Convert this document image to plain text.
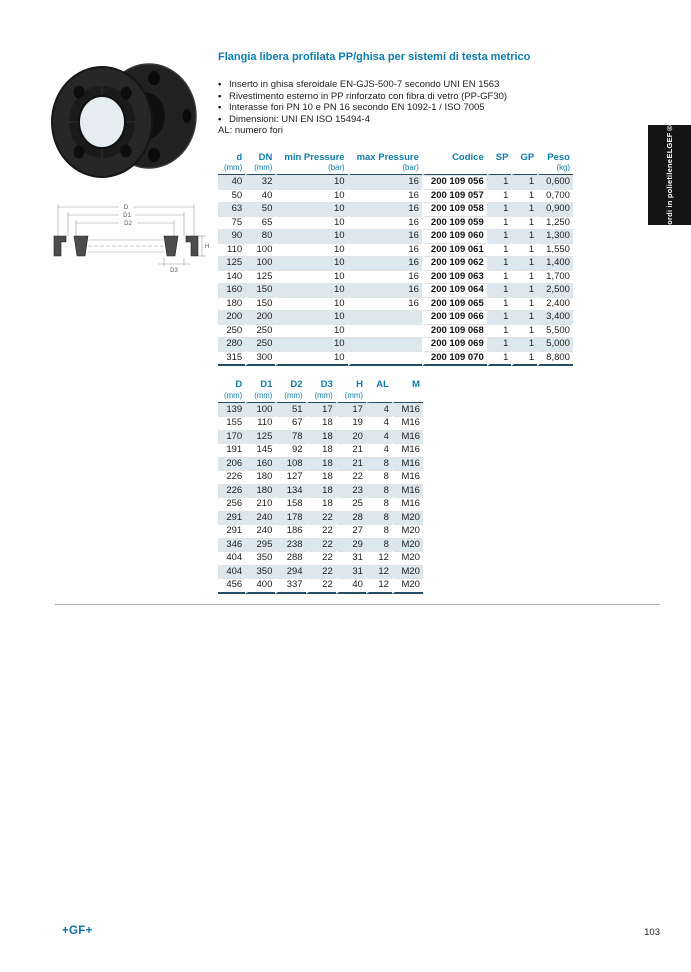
D
D1
D2
H
D3
Raccordi in polietilene
ELGEF®Plus
Flangia libera profilata PP/ghisa per sistemi di testa metrico
• Inserto in ghisa sferoidale EN-GJS-500-7 secondo UNI EN 1563
• Rivestimento esterno in PP rinforzato con fibra di vetro (PP-GF30)
• Interasse fori PN 10 e PN 16 secondo EN 1092-1 / ISO 7005
• Dimensioni: UNI EN ISO 15494-4
AL: numero fori
d	DN	min Pressure	max Pressure	Codice	SP	GP	Peso
(mm)	(mm)	(bar)	(bar)				(kg)
40	32	10	16	200 109 056	1	1	0,600
50	40	10	16	200 109 057	1	1	0,700
63	50	10	16	200 109 058	1	1	0,900
75	65	10	16	200 109 059	1	1	1,250
90	80	10	16	200 109 060	1	1	1,300
110	100	10	16	200 109 061	1	1	1,550
125	100	10	16	200 109 062	1	1	1,400
140	125	10	16	200 109 063	1	1	1,700
160	150	10	16	200 109 064	1	1	2,500
180	150	10	16	200 109 065	1	1	2,400
200	200	10		200 109 066	1	1	3,400
250	250	10		200 109 068	1	1	5,500
280	250	10		200 109 069	1	1	5,000
315	300	10		200 109 070	1	1	8,800
D	D1	D2	D3	H	AL	M
(mm)	(mm)	(mm)	(mm)	(mm)		
139	100	51	17	17	4	M16
155	110	67	18	19	4	M16
170	125	78	18	20	4	M16
191	145	92	18	21	4	M16
206	160	108	18	21	8	M16
226	180	127	18	22	8	M16
226	180	134	18	23	8	M16
256	210	158	18	25	8	M16
291	240	178	22	28	8	M20
291	240	186	22	27	8	M20
346	295	238	22	29	8	M20
404	350	288	22	31	12	M20
404	350	294	22	31	12	M20
456	400	337	22	40	12	M20
+GF+	103
